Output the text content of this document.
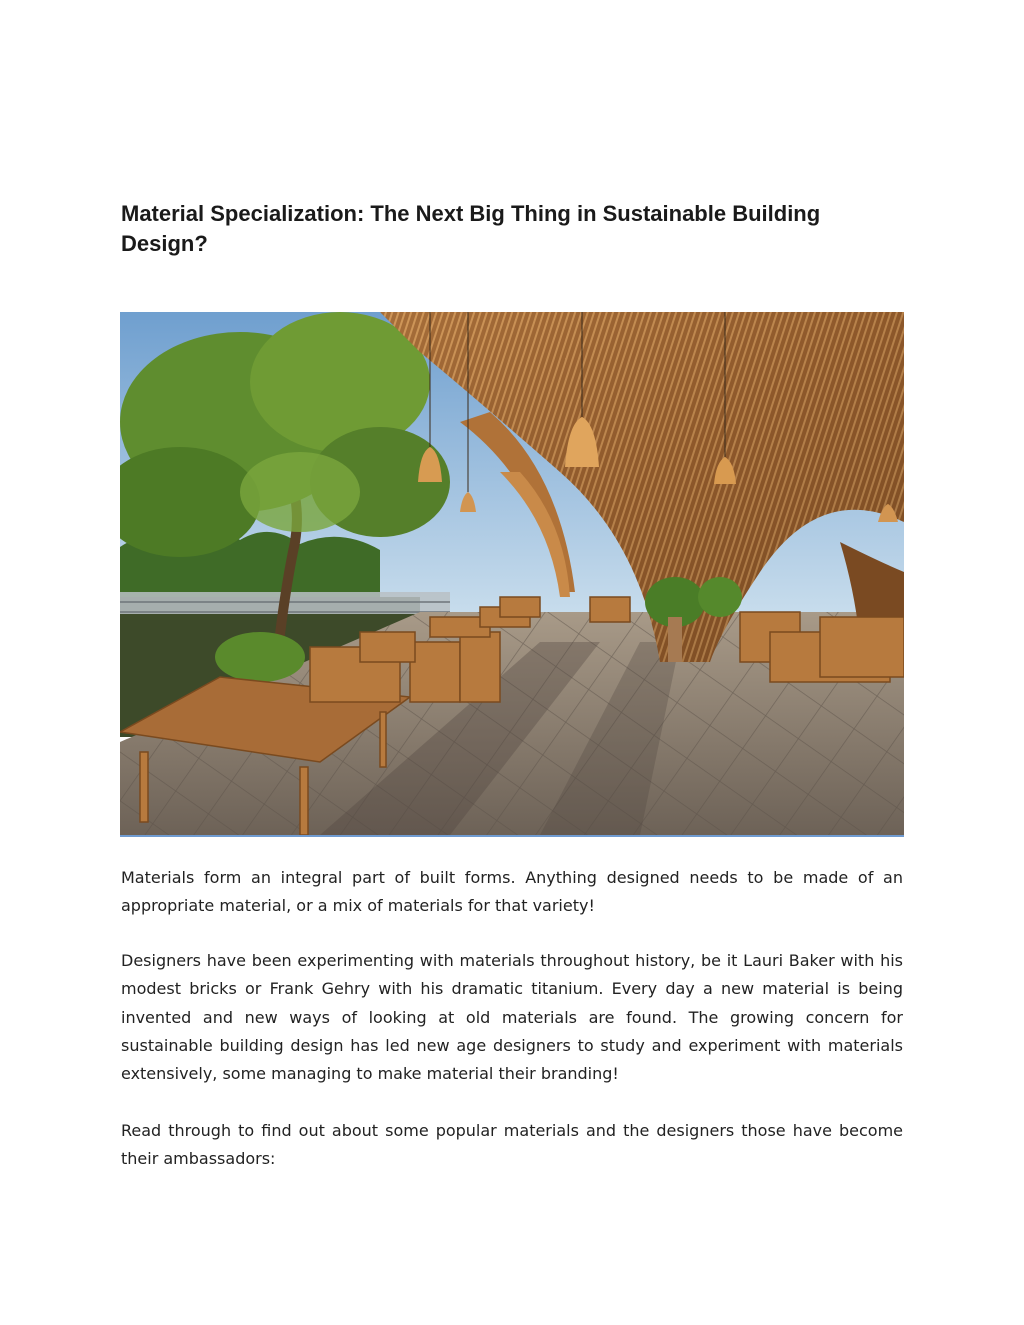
Material Specialization: The Next Big Thing in Sustainable Building Design?

Materials form an integral part of built forms. Anything designed needs to be made of an appropriate material, or a mix of materials for that variety!

Designers have been experimenting with materials throughout history, be it Lauri Baker with his modest bricks or Frank Gehry with his dramatic titanium. Every day a new material is being invented and new ways of looking at old materials are found. The growing concern for sustainable building design has led new age designers to study and experiment with materials extensively, some managing to make material their branding!

Read through to find out about some popular materials and the designers those have become their ambassadors:
